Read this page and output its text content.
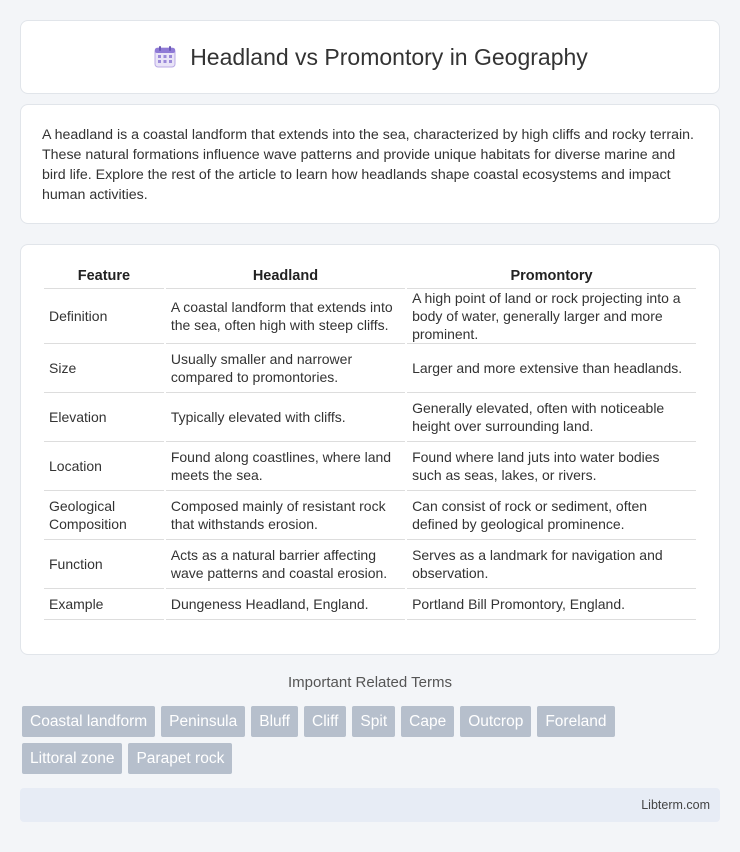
Headland vs Promontory in Geography

A headland is a coastal landform that extends into the sea, characterized by high cliffs and rocky terrain. These natural formations influence wave patterns and provide unique habitats for diverse marine and bird life. Explore the rest of the article to learn how headlands shape coastal ecosystems and impact human activities.

Feature	Headland	Promontory
Definition	A coastal landform that extends into the sea, often high with steep cliffs.	A high point of land or rock projecting into a body of water, generally larger and more prominent.
Size	Usually smaller and narrower compared to promontories.	Larger and more extensive than headlands.
Elevation	Typically elevated with cliffs.	Generally elevated, often with noticeable height over surrounding land.
Location	Found along coastlines, where land meets the sea.	Found where land juts into water bodies such as seas, lakes, or rivers.
Geological Composition	Composed mainly of resistant rock that withstands erosion.	Can consist of rock or sediment, often defined by geological prominence.
Function	Acts as a natural barrier affecting wave patterns and coastal erosion.	Serves as a landmark for navigation and observation.
Example	Dungeness Headland, England.	Portland Bill Promontory, England.
Important Related Terms
Coastal landform	Peninsula	Bluff	Cliff	Spit	Cape	Outcrop	Foreland
Littoral zone	Parapet rock
Libterm.com
